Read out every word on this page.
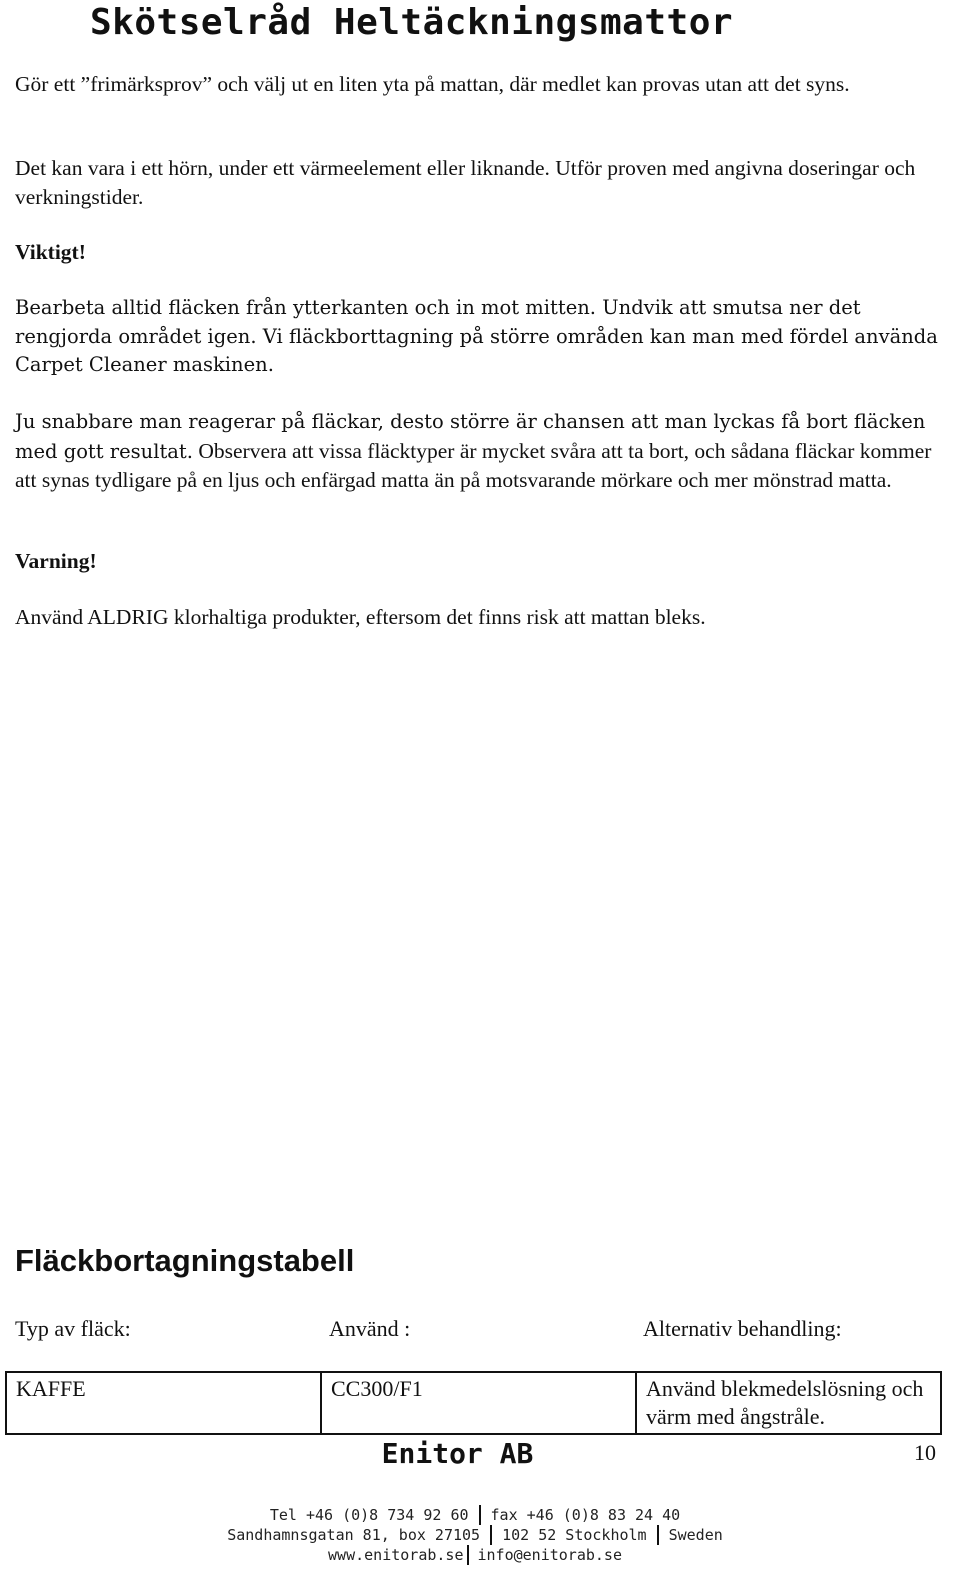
Skötselråd Heltäckningsmattor

Gör ett ”frimärksprov” och välj ut en liten yta på mattan, där medlet kan provas utan att det syns.

Det kan vara i ett hörn, under ett värmeelement eller liknande. Utför proven med angivna doseringar och verkningstider.

Viktigt!

Bearbeta alltid fläcken från ytterkanten och in mot mitten. Undvik att smutsa ner det rengjorda området igen. Vi fläckborttagning på större områden kan man med fördel använda Carpet Cleaner maskinen.

Ju snabbare man reagerar på fläckar, desto större är chansen att man lyckas få bort fläcken med gott resultat. Observera att vissa fläcktyper är mycket svåra att ta bort, och sådana fläckar kommer att synas tydligare på en ljus och enfärgad matta än på motsvarande mörkare och mer mönstrad matta.

Varning!

Använd ALDRIG klorhaltiga produkter, eftersom det finns risk att mattan bleks.

Fläckbortagningstabell
Typ av fläck:	Använd :	Alternativ behandling:
KAFFE	CC300/F1	Använd blekmedelslösning och värm med ångstråle.
Enitor AB	10
Tel +46 (0)8 734 92 60 fax +46 (0)8 83 24 40
Sandhamnsgatan 81, box 27105 102 52 Stockholm Sweden
www.enitorab.se info@enitorab.se
